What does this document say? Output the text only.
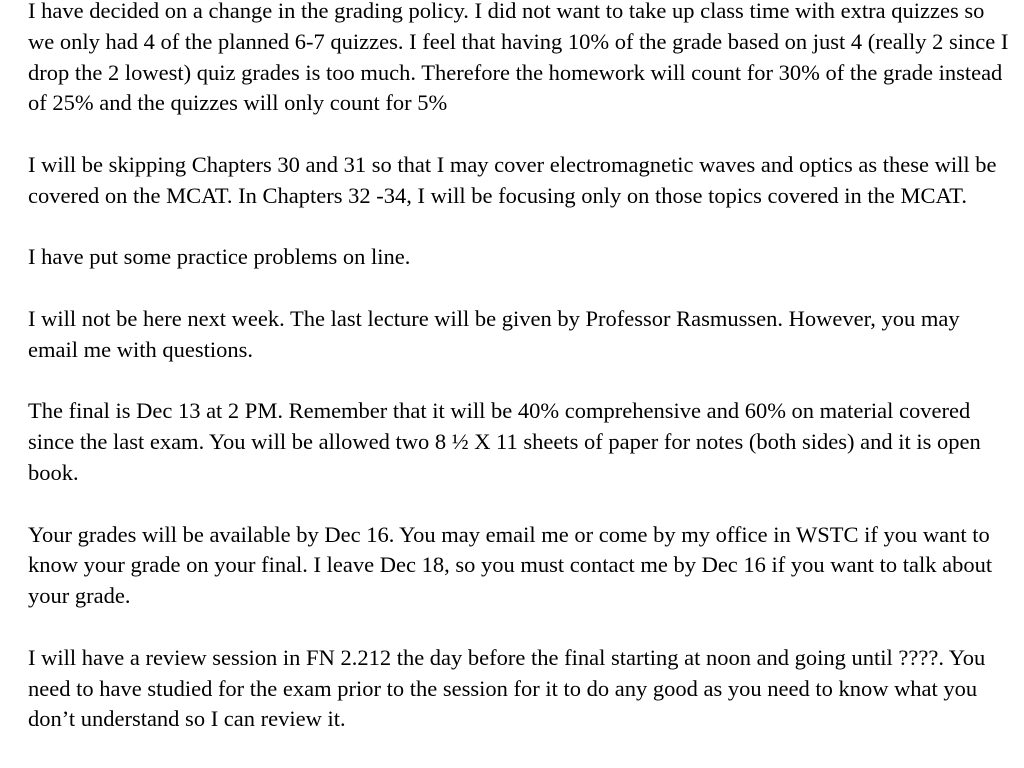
I have decided on a change in the grading policy. I did not want to take up class time with extra quizzes so we only had 4 of the planned 6-7 quizzes. I feel that having 10% of the grade based on just 4 (really 2 since I drop the 2 lowest) quiz grades is too much. Therefore the homework will count for 30% of the grade instead of 25% and the quizzes will only count for 5%

I will be skipping Chapters 30 and 31 so that I may cover electromagnetic waves and optics as these will be covered on the MCAT. In Chapters 32 -34, I will be focusing only on those topics covered in the MCAT.

I have put some practice problems on line.

I will not be here next week. The last lecture will be given by Professor Rasmussen. However, you may email me with questions.

The final is Dec 13 at 2 PM. Remember that it will be 40% comprehensive and 60% on material covered since the last exam. You will be allowed two 8 ½ X 11 sheets of paper for notes (both sides) and it is open book.

Your grades will be available by Dec 16. You may email me or come by my office in WSTC if you want to know your grade on your final. I leave Dec 18, so you must contact me by Dec 16 if you want to talk about your grade.

I will have a review session in FN 2.212 the day before the final starting at noon and going until ????. You need to have studied for the exam prior to the session for it to do any good as you need to know what you don’t understand so I can review it.
